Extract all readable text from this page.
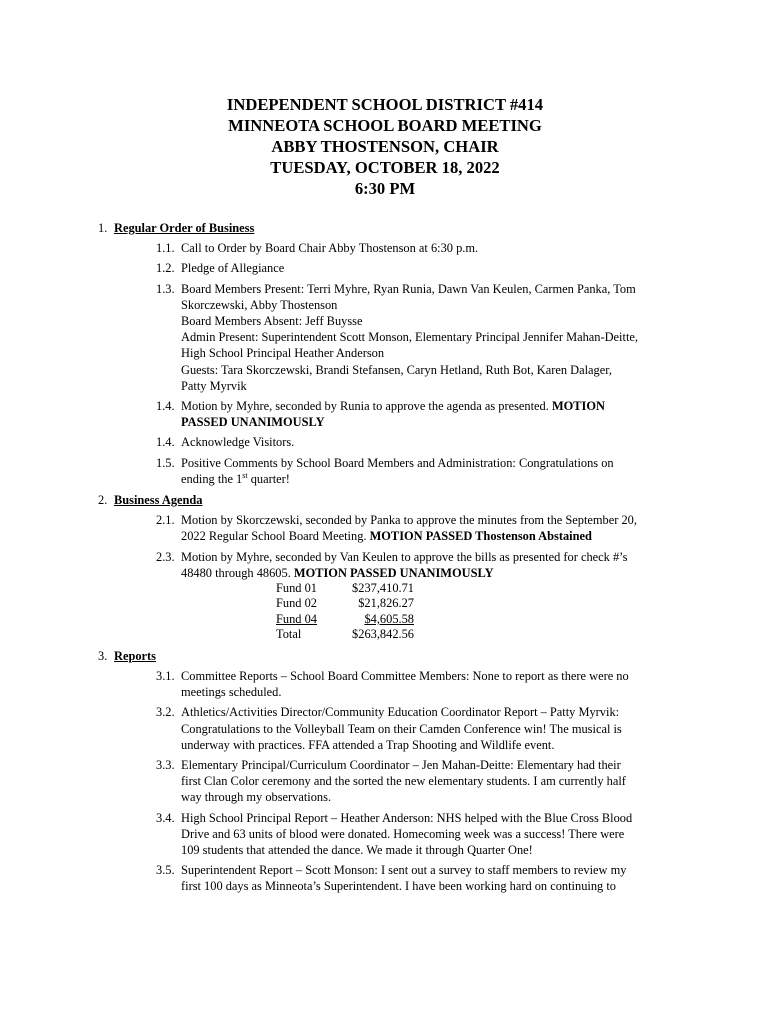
INDEPENDENT SCHOOL DISTRICT #414
MINNEOTA SCHOOL BOARD MEETING
ABBY THOSTENSON, CHAIR
TUESDAY, OCTOBER 18, 2022
6:30 PM
1. Regular Order of Business
1.1. Call to Order by Board Chair Abby Thostenson at 6:30 p.m.

1.2. Pledge of Allegiance

1.3. Board Members Present: Terri Myhre, Ryan Runia, Dawn Van Keulen, Carmen Panka, Tom Skorczewski, Abby Thostenson

Board Members Absent: Jeff Buysse

Admin Present: Superintendent Scott Monson, Elementary Principal Jennifer Mahan-Deitte, High School Principal Heather Anderson

Guests: Tara Skorczewski, Brandi Stefansen, Caryn Hetland, Ruth Bot, Karen Dalager, Patty Myrvik

1.4. Motion by Myhre, seconded by Runia to approve the agenda as presented. MOTION PASSED UNANIMOUSLY

1.4. Acknowledge Visitors.

1.5. Positive Comments by School Board Members and Administration: Congratulations on ending the 1st quarter!

2. Business Agenda
2.1. Motion by Skorczewski, seconded by Panka to approve the minutes from the September 20, 2022 Regular School Board Meeting. MOTION PASSED Thostenson Abstained

2.3. Motion by Myhre, seconded by Van Keulen to approve the bills as presented for check #’s 48480 through 48605. MOTION PASSED UNANIMOUSLY

Fund 01	$237,410.71
Fund 02	$21,826.27
Fund 04	$4,605.58
Total	$263,842.56
3. Reports
3.1. Committee Reports – School Board Committee Members: None to report as there were no meetings scheduled.

3.2. Athletics/Activities Director/Community Education Coordinator Report – Patty Myrvik: Congratulations to the Volleyball Team on their Camden Conference win! The musical is underway with practices. FFA attended a Trap Shooting and Wildlife event.

3.3. Elementary Principal/Curriculum Coordinator – Jen Mahan-Deitte: Elementary had their first Clan Color ceremony and the sorted the new elementary students. I am currently half way through my observations.

3.4. High School Principal Report – Heather Anderson: NHS helped with the Blue Cross Blood Drive and 63 units of blood were donated. Homecoming week was a success! There were 109 students that attended the dance. We made it through Quarter One!

3.5. Superintendent Report – Scott Monson: I sent out a survey to staff members to review my first 100 days as Minneota’s Superintendent. I have been working hard on continuing to
